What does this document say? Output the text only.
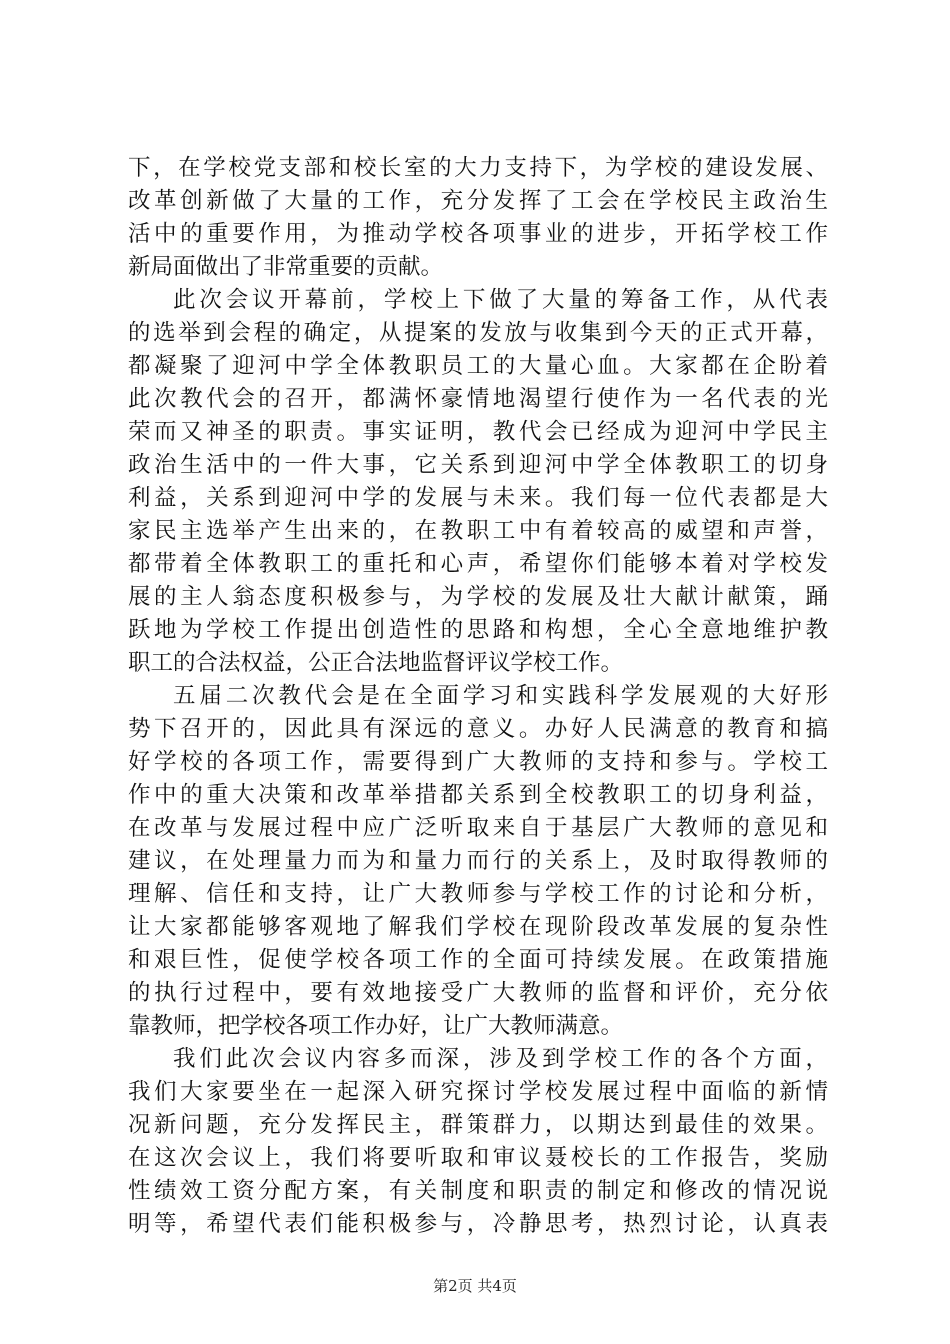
下，在学校党支部和校长室的大力支持下，为学校的建设发展、
改革创新做了大量的工作，充分发挥了工会在学校民主政治生
活中的重要作用，为推动学校各项事业的进步，开拓学校工作
新局面做出了非常重要的贡献。
此次会议开幕前，学校上下做了大量的筹备工作，从代表
的选举到会程的确定，从提案的发放与收集到今天的正式开幕，
都凝聚了迎河中学全体教职员工的大量心血。大家都在企盼着
此次教代会的召开，都满怀豪情地渴望行使作为一名代表的光
荣而又神圣的职责。事实证明，教代会已经成为迎河中学民主
政治生活中的一件大事，它关系到迎河中学全体教职工的切身
利益，关系到迎河中学的发展与未来。我们每一位代表都是大
家民主选举产生出来的，在教职工中有着较高的威望和声誉，
都带着全体教职工的重托和心声，希望你们能够本着对学校发
展的主人翁态度积极参与，为学校的发展及壮大献计献策，踊
跃地为学校工作提出创造性的思路和构想，全心全意地维护教
职工的合法权益，公正合法地监督评议学校工作。
五届二次教代会是在全面学习和实践科学发展观的大好形
势下召开的，因此具有深远的意义。办好人民满意的教育和搞
好学校的各项工作，需要得到广大教师的支持和参与。学校工
作中的重大决策和改革举措都关系到全校教职工的切身利益，
在改革与发展过程中应广泛听取来自于基层广大教师的意见和
建议，在处理量力而为和量力而行的关系上，及时取得教师的
理解、信任和支持，让广大教师参与学校工作的讨论和分析，
让大家都能够客观地了解我们学校在现阶段改革发展的复杂性
和艰巨性，促使学校各项工作的全面可持续发展。在政策措施
的执行过程中，要有效地接受广大教师的监督和评价，充分依
靠教师，把学校各项工作办好，让广大教师满意。
我们此次会议内容多而深，涉及到学校工作的各个方面，
我们大家要坐在一起深入研究探讨学校发展过程中面临的新情
况新问题，充分发挥民主，群策群力，以期达到最佳的效果。
在这次会议上，我们将要听取和审议聂校长的工作报告，奖励
性绩效工资分配方案，有关制度和职责的制定和修改的情况说
明等，希望代表们能积极参与，冷静思考，热烈讨论，认真表
第2页 共4页
